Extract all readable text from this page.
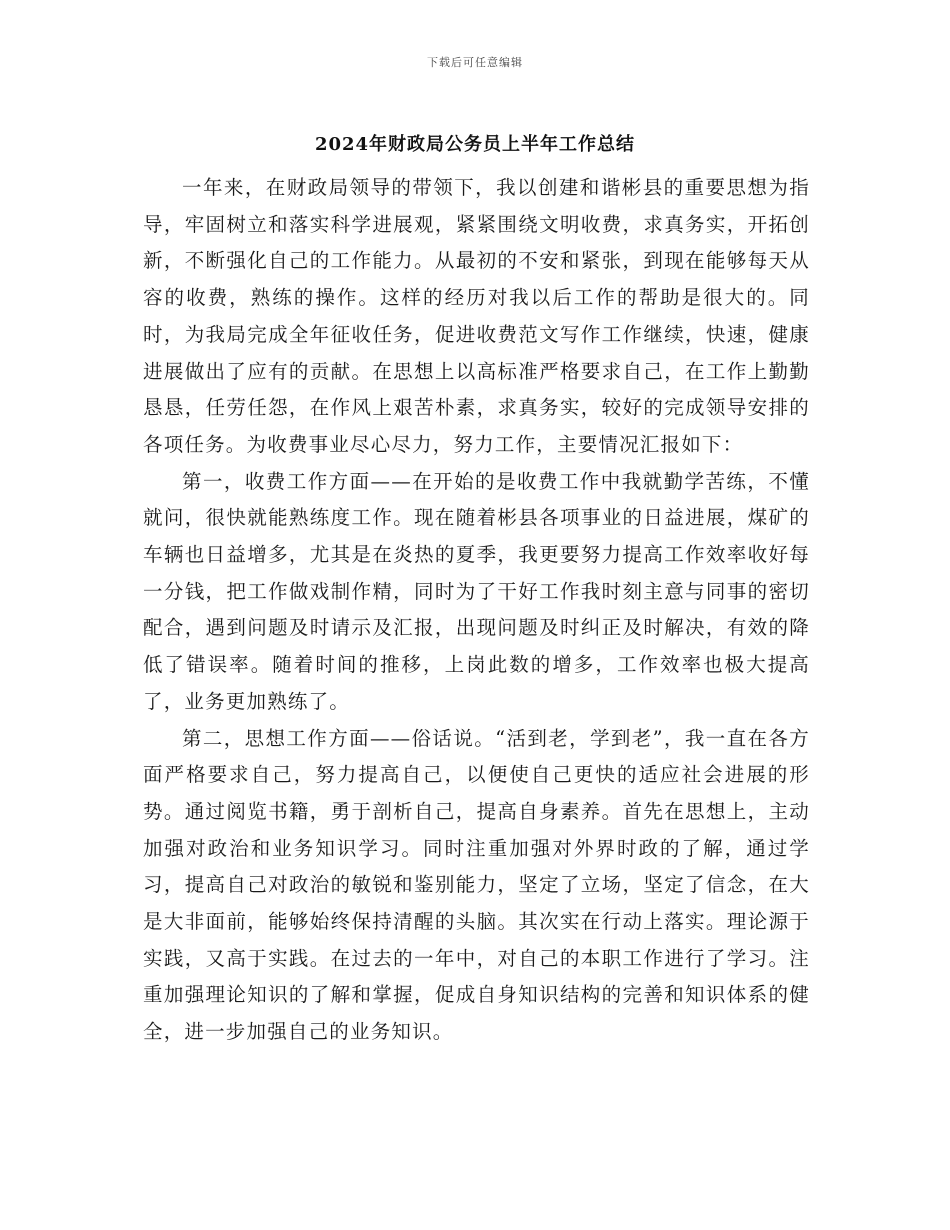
下载后可任意编辑
2024年财政局公务员上半年工作总结

一年来，在财政局领导的带领下，我以创建和谐彬县的重要思想为指导，牢固树立和落实科学进展观，紧紧围绕文明收费，求真务实，开拓创新，不断强化自己的工作能力。从最初的不安和紧张，到现在能够每天从容的收费，熟练的操作。这样的经历对我以后工作的帮助是很大的。同时，为我局完成全年征收任务，促进收费范文写作工作继续，快速，健康进展做出了应有的贡献。在思想上以高标准严格要求自己，在工作上勤勤恳恳，任劳任怨，在作风上艰苦朴素，求真务实，较好的完成领导安排的各项任务。为收费事业尽心尽力，努力工作，主要情况汇报如下：

第一，收费工作方面——在开始的是收费工作中我就勤学苦练，不懂就问，很快就能熟练度工作。现在随着彬县各项事业的日益进展，煤矿的车辆也日益增多，尤其是在炎热的夏季，我更要努力提高工作效率收好每一分钱，把工作做戏制作精，同时为了干好工作我时刻主意与同事的密切配合，遇到问题及时请示及汇报，出现问题及时纠正及时解决，有效的降低了错误率。随着时间的推移，上岗此数的增多，工作效率也极大提高了，业务更加熟练了。

第二，思想工作方面——俗话说。“活到老，学到老”，我一直在各方面严格要求自己，努力提高自己，以便使自己更快的适应社会进展的形势。通过阅览书籍，勇于剖析自己，提高自身素养。首先在思想上，主动加强对政治和业务知识学习。同时注重加强对外界时政的了解，通过学习，提高自己对政治的敏锐和鉴别能力，坚定了立场，坚定了信念，在大是大非面前，能够始终保持清醒的头脑。其次实在行动上落实。理论源于实践，又高于实践。在过去的一年中，对自己的本职工作进行了学习。注重加强理论知识的了解和掌握，促成自身知识结构的完善和知识体系的健全，进一步加强自己的业务知识。
